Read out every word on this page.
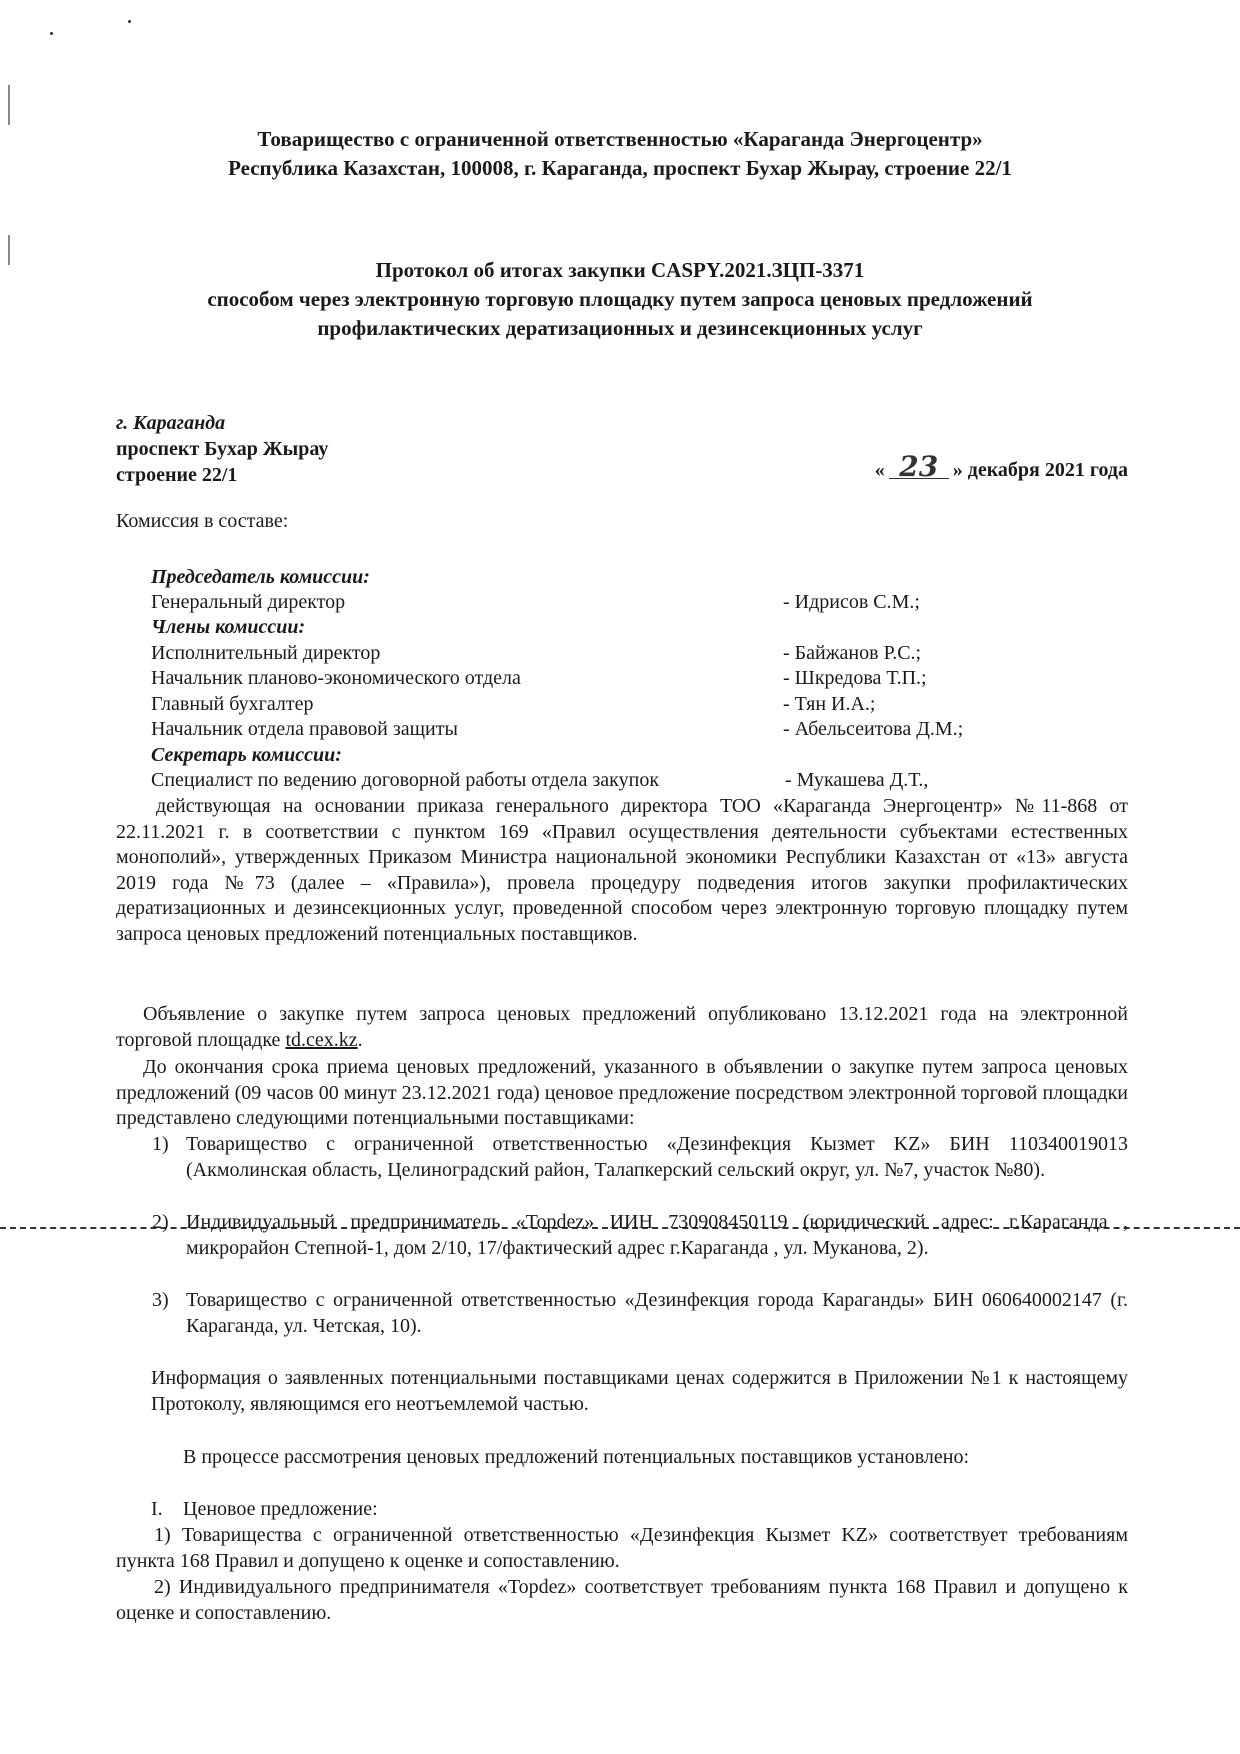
Товарищество с ограниченной ответственностью «Караганда Энергоцентр»
Республика Казахстан, 100008, г. Караганда, проспект Бухар Жырау, строение 22/1
Протокол об итогах закупки CASPY.2021.ЗЦП-3371
способом через электронную торговую площадку путем запроса ценовых предложений
профилактических дератизационных и дезинсекционных услуг
г. Караганда
проспект Бухар Жырау
строение 22/1	« 23 » декабря 2021 года
Комиссия в составе:
Председатель комиссии:
Генеральный директор	- Идрисов С.М.;
Члены комиссии:
Исполнительный директор	- Байжанов Р.С.;
Начальник планово-экономического отдела	- Шкредова Т.П.;
Главный бухгалтер	- Тян И.А.;
Начальник отдела правовой защиты	- Абельсеитова Д.М.;
Секретарь комиссии:
Специалист по ведению договорной работы отдела закупок	- Мукашева Д.Т.,
действующая на основании приказа генерального директора ТОО «Караганда Энергоцентр» №11-868 от 22.11.2021 г. в соответствии с пунктом 169 «Правил осуществления деятельности субъектами естественных монополий», утвержденных Приказом Министра национальной экономики Республики Казахстан от «13» августа 2019 года №73 (далее – «Правила»), провела процедуру подведения итогов закупки профилактических дератизационных и дезинсекционных услуг, проведенной способом через электронную торговую площадку путем запроса ценовых предложений потенциальных поставщиков.
Объявление о закупке путем запроса ценовых предложений опубликовано 13.12.2021 года на электронной торговой площадке td.cex.kz.
До окончания срока приема ценовых предложений, указанного в объявлении о закупке путем запроса ценовых предложений (09 часов 00 минут 23.12.2021 года) ценовое предложение посредством электронной торговой площадки представлено следующими потенциальными поставщиками:
1) Товарищество с ограниченной ответственностью «Дезинфекция Кызмет KZ» БИН 110340019013 (Акмолинская область, Целиноградский район, Талапкерский сельский округ, ул. №7, участок №80).
2) Индивидуальный предприниматель «Topdez» ИИН 730908450119 (юридический адрес: г.Караганда , микрорайон Степной-1, дом 2/10, 17/фактический адрес г.Караганда , ул. Муканова, 2).
3) Товарищество с ограниченной ответственностью «Дезинфекция города Караганды» БИН 060640002147 (г. Караганда, ул. Четская, 10).
Информация о заявленных потенциальными поставщиками ценах содержится в Приложении №1 к настоящему Протоколу, являющимся его неотъемлемой частью.
В процессе рассмотрения ценовых предложений потенциальных поставщиков установлено:
I. Ценовое предложение:
1) Товарищества с ограниченной ответственностью «Дезинфекция Кызмет KZ» соответствует требованиям пункта 168 Правил и допущено к оценке и сопоставлению.
2) Индивидуального предпринимателя «Topdez» соответствует требованиям пункта 168 Правил и допущено к оценке и сопоставлению.
